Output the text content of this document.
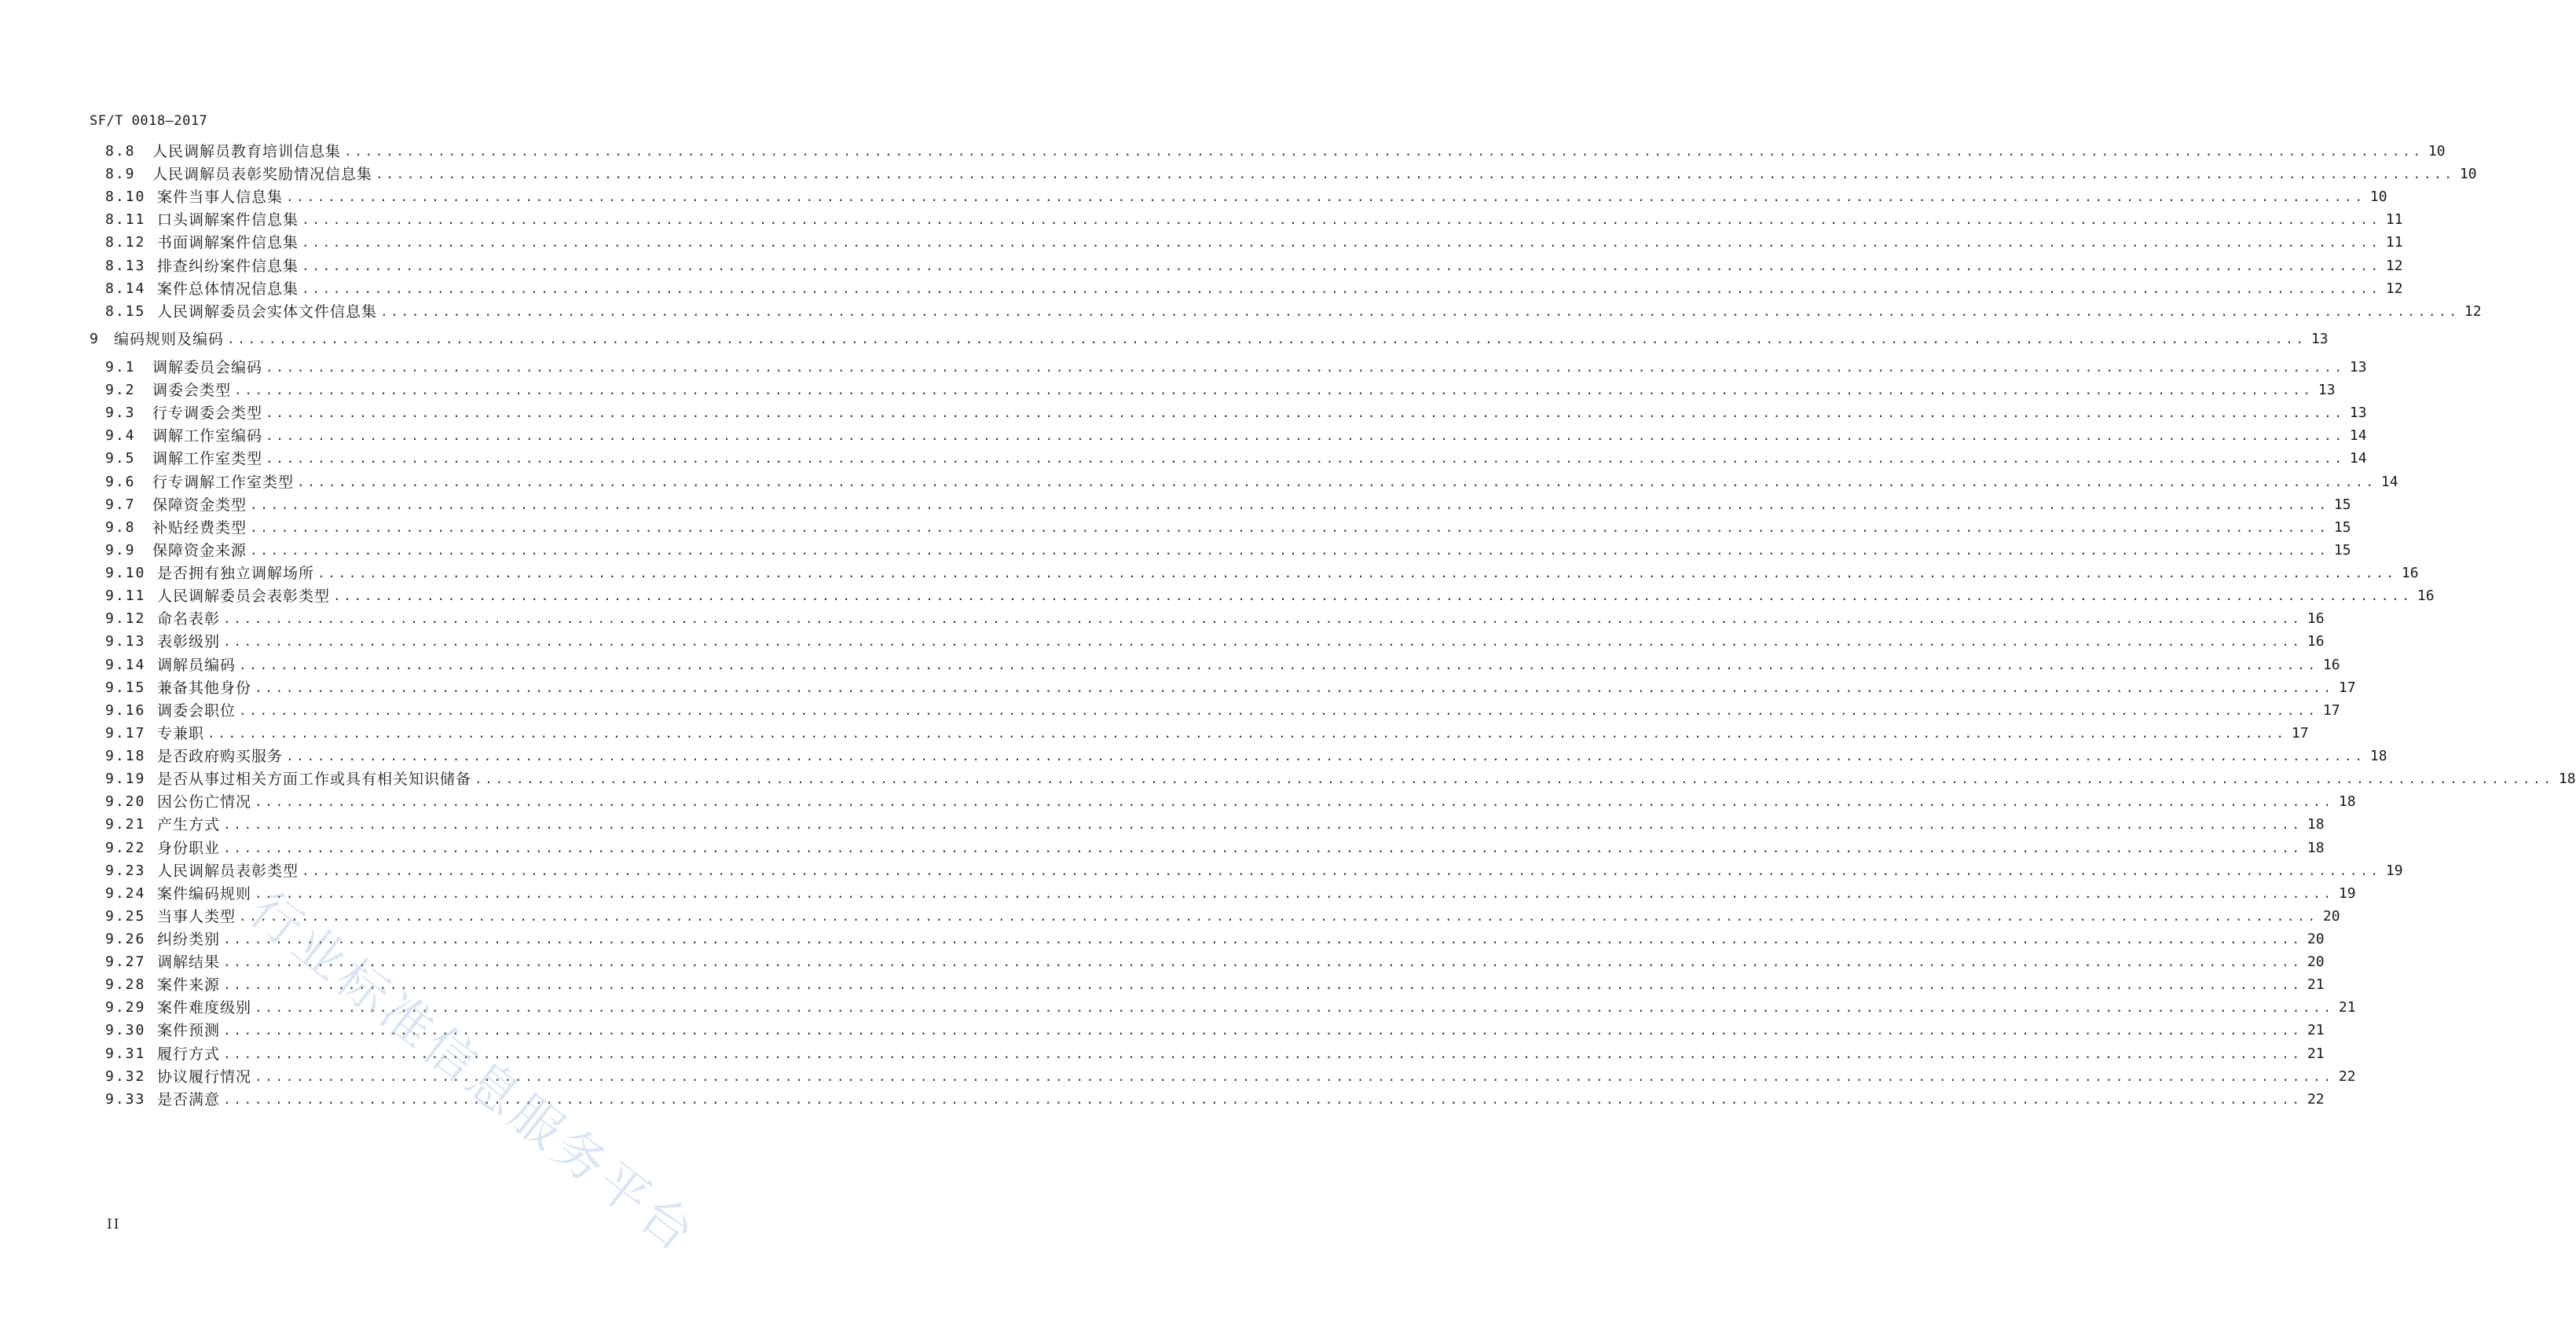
SF/T 0018—2017
8.8	人民调解员教育培训信息集 ........................................................................................................................................................................................................ 10
8.9	人民调解员表彰奖励情况信息集 ........................................................................................................................................................................................................ 10
8.10 案件当事人信息集 ........................................................................................................................................................................................................ 10
8.11 口头调解案件信息集 ........................................................................................................................................................................................................ 11
8.12 书面调解案件信息集 ........................................................................................................................................................................................................ 11
8.13 排查纠纷案件信息集 ........................................................................................................................................................................................................ 12
8.14 案件总体情况信息集 ........................................................................................................................................................................................................ 12
8.15 人民调解委员会实体文件信息集 ........................................................................................................................................................................................................ 12
9 编码规则及编码 ........................................................................................................................................................................................................ 13
9.1	调解委员会编码 ........................................................................................................................................................................................................ 13
9.2	调委会类型 ........................................................................................................................................................................................................ 13
9.3	行专调委会类型 ........................................................................................................................................................................................................ 13
9.4	调解工作室编码 ........................................................................................................................................................................................................ 14
9.5	调解工作室类型 ........................................................................................................................................................................................................ 14
9.6	行专调解工作室类型 ........................................................................................................................................................................................................ 14
9.7	保障资金类型 ........................................................................................................................................................................................................ 15
9.8	补贴经费类型 ........................................................................................................................................................................................................ 15
9.9	保障资金来源 ........................................................................................................................................................................................................ 15
9.10 是否拥有独立调解场所 ........................................................................................................................................................................................................ 16
9.11 人民调解委员会表彰类型 ........................................................................................................................................................................................................ 16
9.12 命名表彰 ........................................................................................................................................................................................................ 16
9.13 表彰级别 ........................................................................................................................................................................................................ 16
9.14 调解员编码 ........................................................................................................................................................................................................ 16
9.15 兼备其他身份 ........................................................................................................................................................................................................ 17
9.16 调委会职位 ........................................................................................................................................................................................................ 17
9.17 专兼职 ........................................................................................................................................................................................................ 17
9.18 是否政府购买服务 ........................................................................................................................................................................................................ 18
9.19 是否从事过相关方面工作或具有相关知识储备 ........................................................................................................................................................................................................ 18
9.20 因公伤亡情况 ........................................................................................................................................................................................................ 18
9.21 产生方式 ........................................................................................................................................................................................................ 18
9.22 身份职业 ........................................................................................................................................................................................................ 18
9.23 人民调解员表彰类型 ........................................................................................................................................................................................................ 19
9.24 案件编码规则 ........................................................................................................................................................................................................ 19
9.25 当事人类型 ........................................................................................................................................................................................................ 20
9.26 纠纷类别 ........................................................................................................................................................................................................ 20
9.27 调解结果 ........................................................................................................................................................................................................ 20
9.28 案件来源 ........................................................................................................................................................................................................ 21
9.29 案件难度级别 ........................................................................................................................................................................................................ 21
9.30 案件预测 ........................................................................................................................................................................................................ 21
9.31 履行方式 ........................................................................................................................................................................................................ 21
9.32 协议履行情况 ........................................................................................................................................................................................................ 22
9.33 是否满意 ........................................................................................................................................................................................................ 22
行业标准信息服务平台
II
